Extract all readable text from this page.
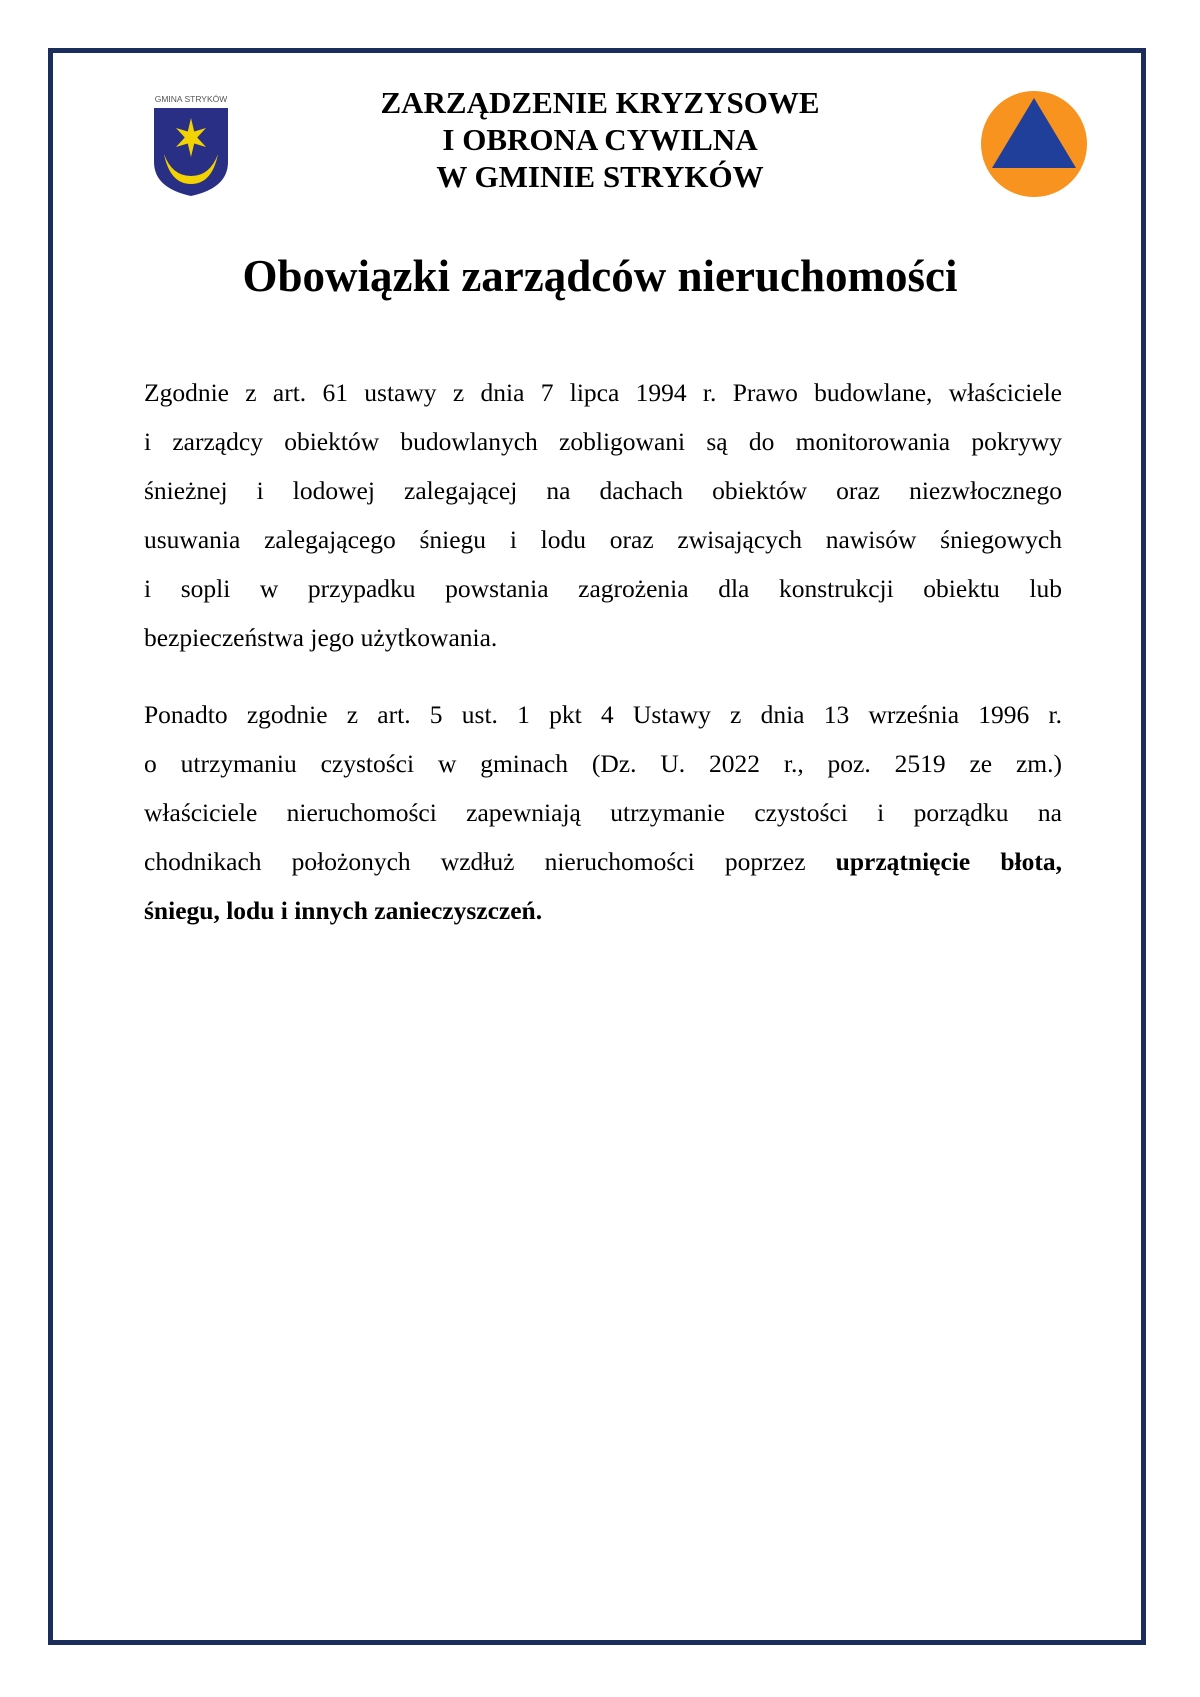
GMINA STRYKÓW	ZARZĄDZENIE KRYZYSOWE
I OBRONA CYWILNA
W GMINIE STRYKÓW
Obowiązki zarządców nieruchomości
Zgodnie z art. 61 ustawy z dnia 7 lipca 1994 r. Prawo budowlane, właściciele
i zarządcy obiektów budowlanych zobligowani są do monitorowania pokrywy
śnieżnej i lodowej zalegającej na dachach obiektów oraz niezwłocznego
usuwania zalegającego śniegu i lodu oraz zwisających nawisów śniegowych
i sopli w przypadku powstania zagrożenia dla konstrukcji obiektu lub
bezpieczeństwa jego użytkowania.
Ponadto zgodnie z art. 5 ust. 1 pkt 4 Ustawy z dnia 13 września 1996 r.
o utrzymaniu czystości w gminach (Dz. U. 2022 r., poz. 2519 ze zm.)
właściciele nieruchomości zapewniają utrzymanie czystości i porządku na
chodnikach położonych wzdłuż nieruchomości poprzez uprzątnięcie błota,
śniegu, lodu i innych zanieczyszczeń.
